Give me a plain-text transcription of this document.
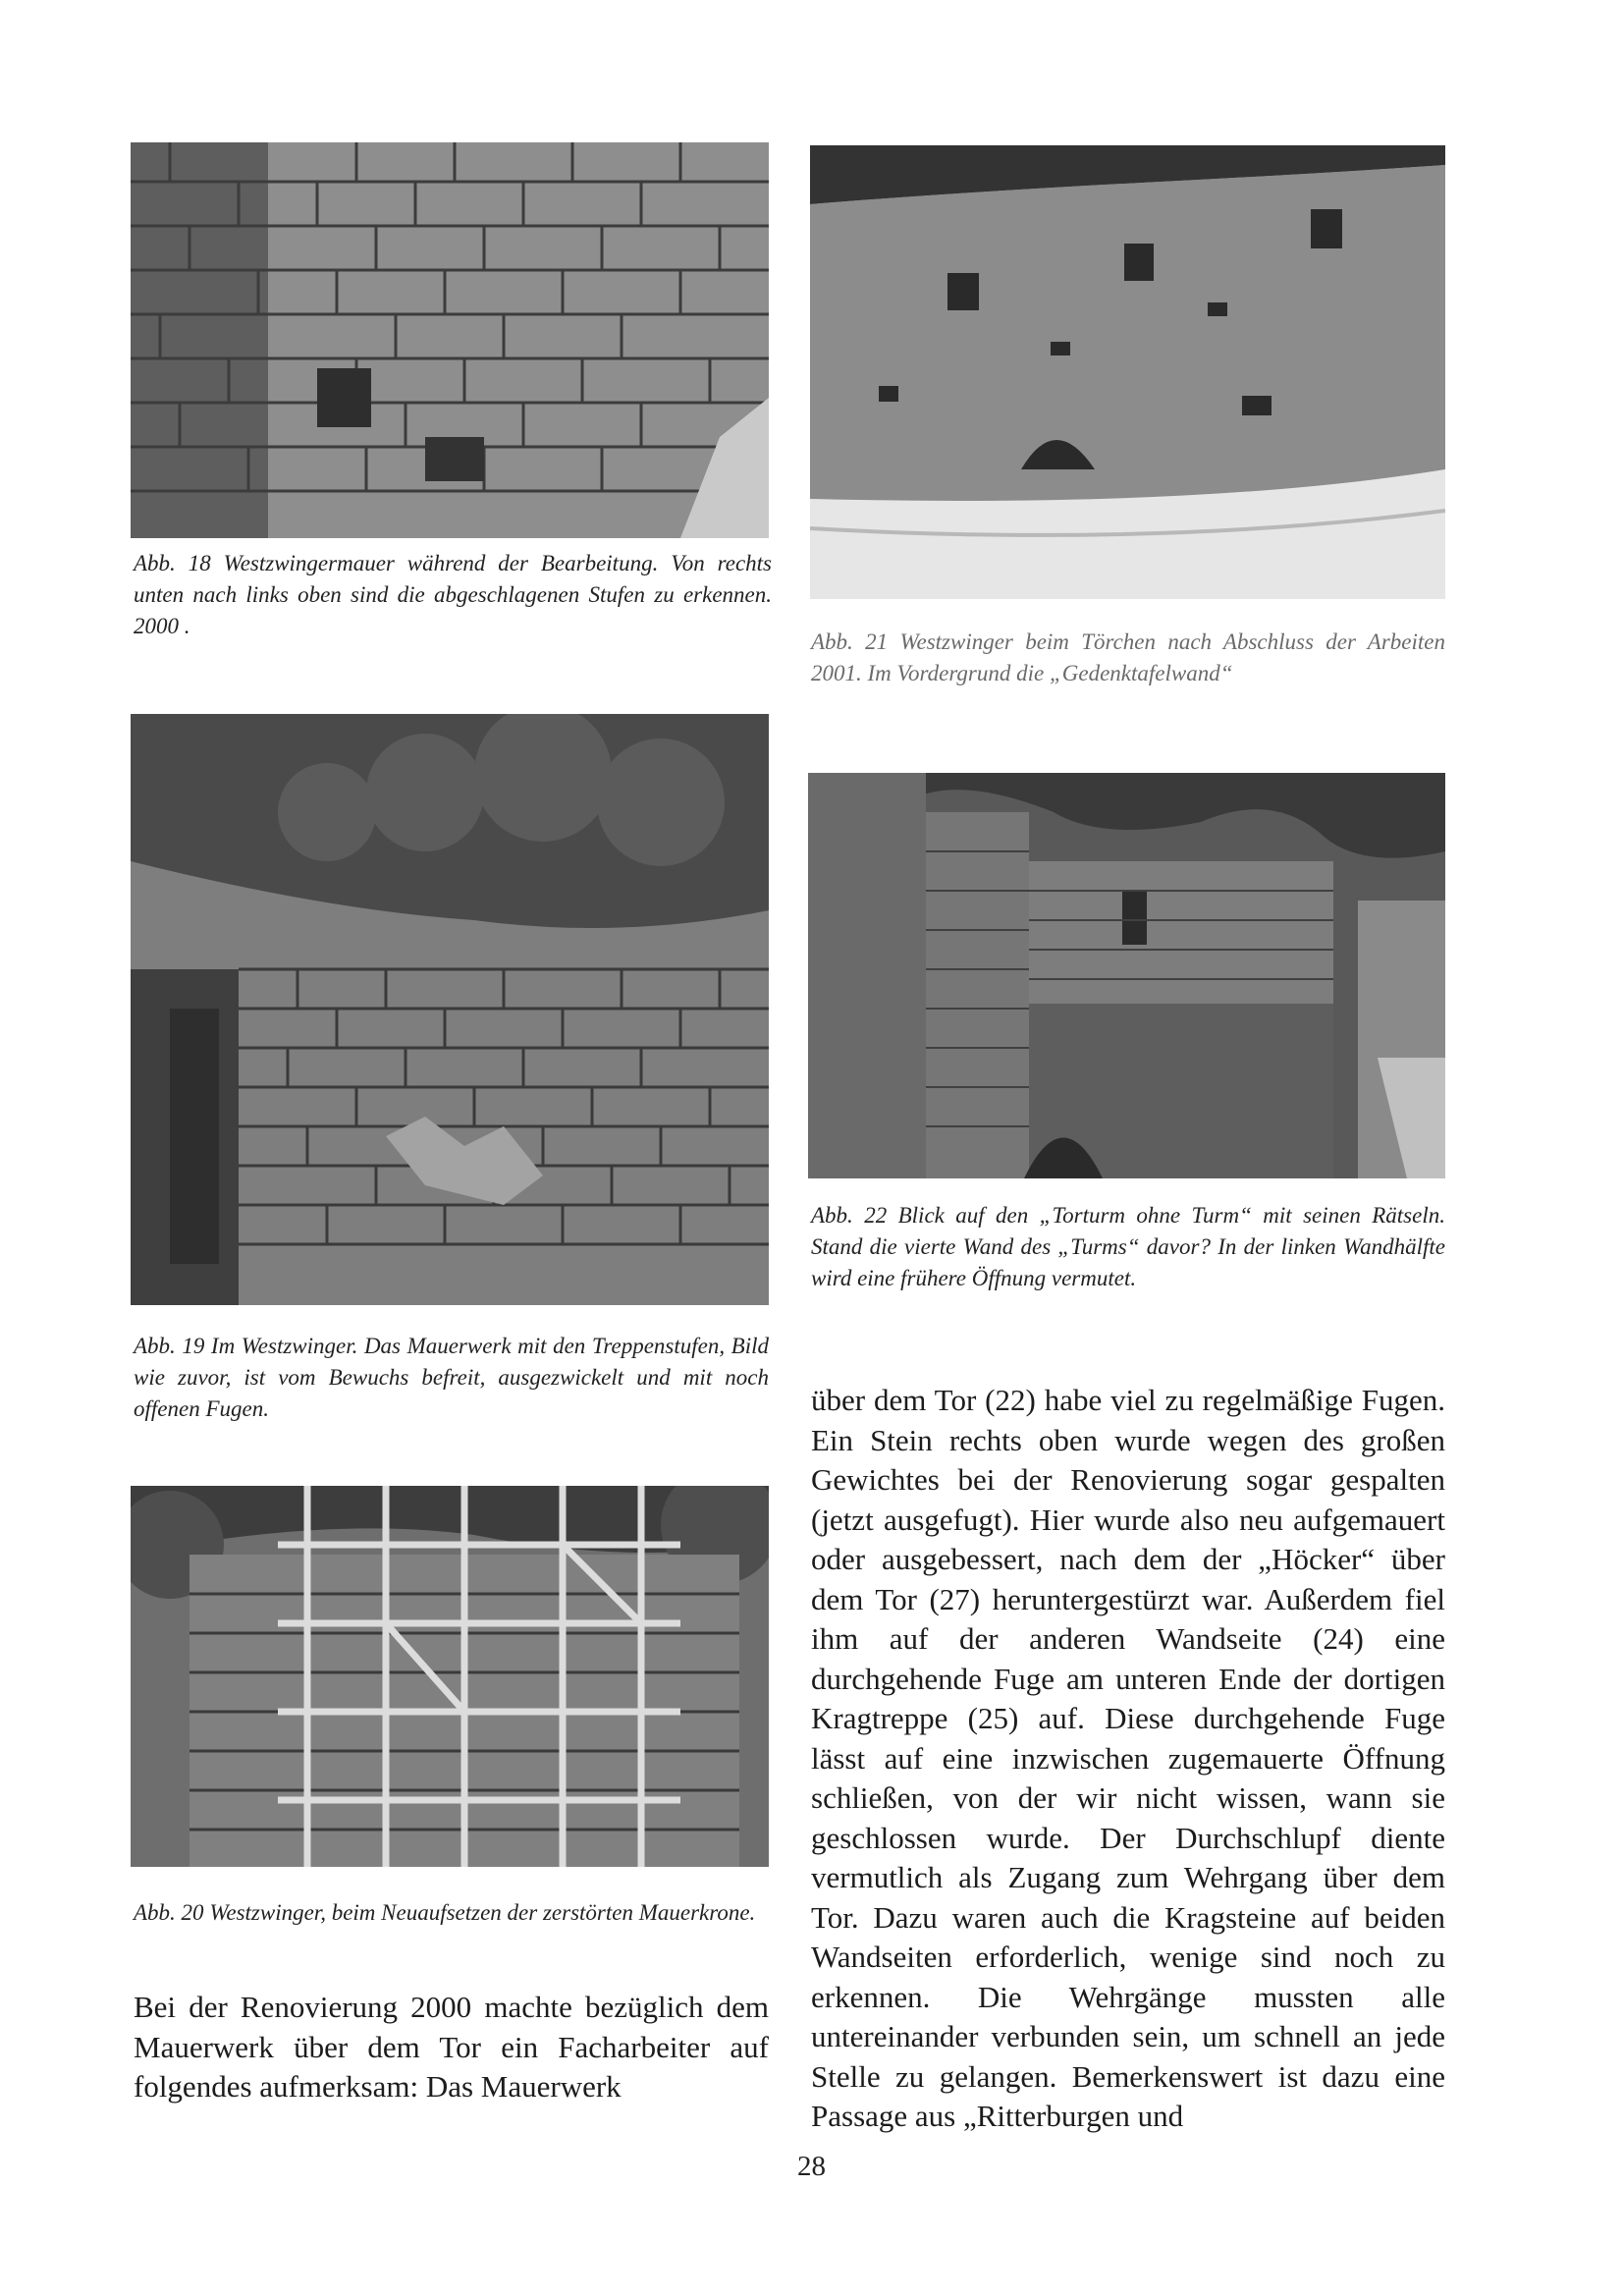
Abb. 18 Westzwingermauer während der Bearbeitung. Von rechts unten nach links oben sind die abgeschlagenen Stufen zu erkennen. 2000 .

Abb. 21 Westzwinger beim Törchen nach Abschluss der Arbeiten 2001. Im Vordergrund die „Gedenktafelwand“

Abb. 19 Im Westzwinger. Das Mauerwerk mit den Treppenstufen, Bild wie zuvor, ist vom Bewuchs befreit, ausgezwickelt und mit noch offenen Fugen.

Abb. 22 Blick auf den „Torturm ohne Turm“ mit seinen Rätseln. Stand die vierte Wand des „Turms“ davor? In der linken Wandhälfte wird eine frühere Öffnung vermutet.

Abb. 20 Westzwinger, beim Neuaufsetzen der zerstörten Mauerkrone.

Bei der Renovierung 2000 machte bezüglich dem Mauerwerk über dem Tor ein Facharbeiter auf folgendes aufmerksam: Das Mauerwerk

über dem Tor (22) habe viel zu regelmäßige Fugen. Ein Stein rechts oben wurde wegen des großen Gewichtes bei der Renovierung sogar gespalten (jetzt ausgefugt). Hier wurde also neu aufgemauert oder ausgebessert, nach dem der „Höcker“ über dem Tor (27) heruntergestürzt war. Außerdem fiel ihm auf der anderen Wandseite (24) eine durchgehende Fuge am unteren Ende der dortigen Kragtreppe (25) auf. Diese durchgehende Fuge lässt auf eine inzwischen zugemauerte Öffnung schließen, von der wir nicht wissen, wann sie geschlossen wurde. Der Durchschlupf diente vermutlich als Zugang zum Wehrgang über dem Tor. Dazu waren auch die Kragsteine auf beiden Wandseiten erforderlich, wenige sind noch zu erkennen. Die Wehrgänge mussten alle untereinander verbunden sein, um schnell an jede Stelle zu gelangen. Bemerkenswert ist dazu eine Passage aus „Ritterburgen und

28
